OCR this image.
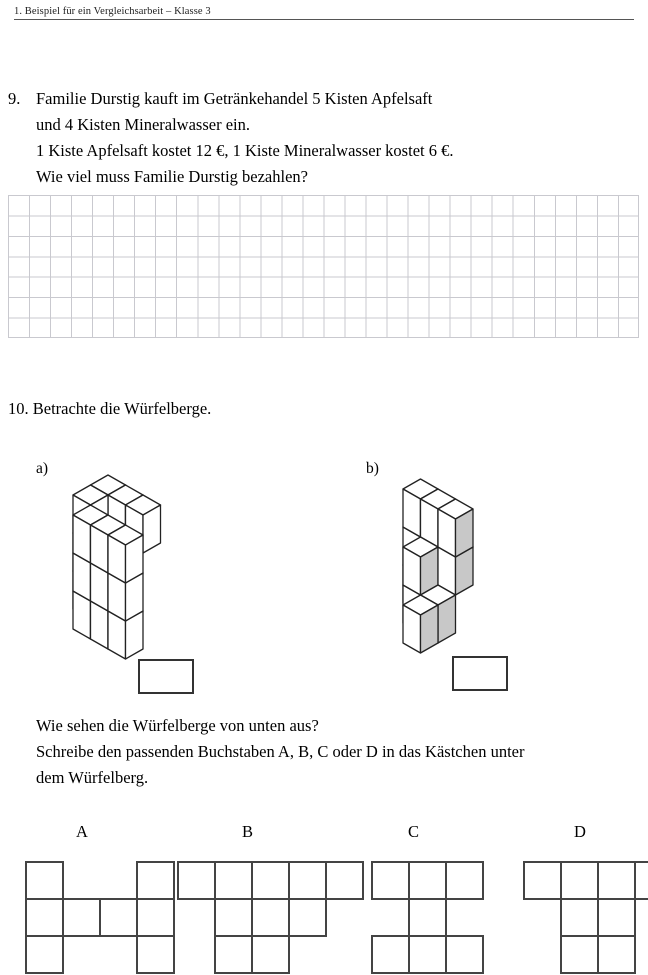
1. Beispiel für ein Vergleichsarbeit – Klasse 3
9. Familie Durstig kauft im Getränkehandel 5 Kisten Apfelsaft
und 4 Kisten Mineralwasser ein.
1 Kiste Apfelsaft kostet 12 €, 1 Kiste Mineralwasser kostet 6 €.
Wie viel muss Familie Durstig bezahlen?
10. Betrachte die Würfelberge.
a)	b)
Wie sehen die Würfelberge von unten aus?
Schreibe den passenden Buchstaben A, B, C oder D in das Kästchen unter
dem Würfelberg.
A	B	C	D
